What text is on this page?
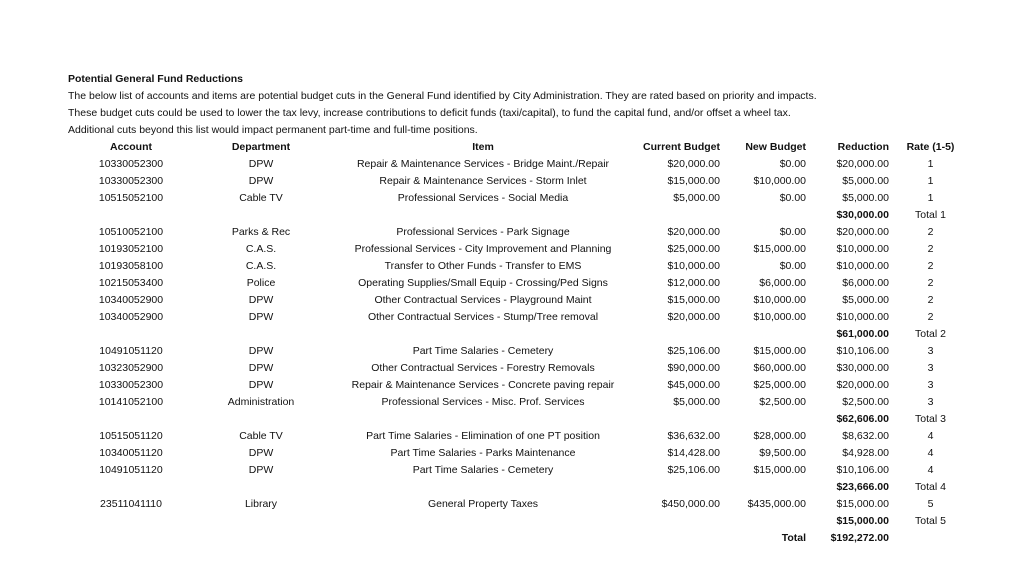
Potential General Fund Reductions
The below list of accounts and items are potential budget cuts in the General Fund identified by City Administration. They are rated based on priority and impacts.
These budget cuts could be used to lower the tax levy, increase contributions to deficit funds (taxi/capital), to fund the capital fund, and/or offset a wheel tax.
Additional cuts beyond this list would impact permanent part-time and full-time positions.
Account	Department	Item	Current Budget	New Budget	Reduction	Rate (1-5)
10330052300	DPW	Repair & Maintenance Services - Bridge Maint./Repair	$20,000.00	$0.00	$20,000.00	1
10330052300	DPW	Repair & Maintenance Services - Storm Inlet	$15,000.00	$10,000.00	$5,000.00	1
10515052100	Cable TV	Professional Services - Social Media	$5,000.00	$0.00	$5,000.00	1
					$30,000.00	Total 1
10510052100	Parks & Rec	Professional Services - Park Signage	$20,000.00	$0.00	$20,000.00	2
10193052100	C.A.S.	Professional Services - City Improvement and Planning	$25,000.00	$15,000.00	$10,000.00	2
10193058100	C.A.S.	Transfer to Other Funds - Transfer to EMS	$10,000.00	$0.00	$10,000.00	2
10215053400	Police	Operating Supplies/Small Equip - Crossing/Ped Signs	$12,000.00	$6,000.00	$6,000.00	2
10340052900	DPW	Other Contractual Services - Playground Maint	$15,000.00	$10,000.00	$5,000.00	2
10340052900	DPW	Other Contractual Services - Stump/Tree removal	$20,000.00	$10,000.00	$10,000.00	2
					$61,000.00	Total 2
10491051120	DPW	Part Time Salaries - Cemetery	$25,106.00	$15,000.00	$10,106.00	3
10323052900	DPW	Other Contractual Services - Forestry Removals	$90,000.00	$60,000.00	$30,000.00	3
10330052300	DPW	Repair & Maintenance Services - Concrete paving repair	$45,000.00	$25,000.00	$20,000.00	3
10141052100	Administration	Professional Services - Misc. Prof. Services	$5,000.00	$2,500.00	$2,500.00	3
					$62,606.00	Total 3
10515051120	Cable TV	Part Time Salaries - Elimination of one PT position	$36,632.00	$28,000.00	$8,632.00	4
10340051120	DPW	Part Time Salaries - Parks Maintenance	$14,428.00	$9,500.00	$4,928.00	4
10491051120	DPW	Part Time Salaries - Cemetery	$25,106.00	$15,000.00	$10,106.00	4
					$23,666.00	Total 4
23511041110	Library	General Property Taxes	$450,000.00	$435,000.00	$15,000.00	5
					$15,000.00	Total 5
				Total	$192,272.00	
